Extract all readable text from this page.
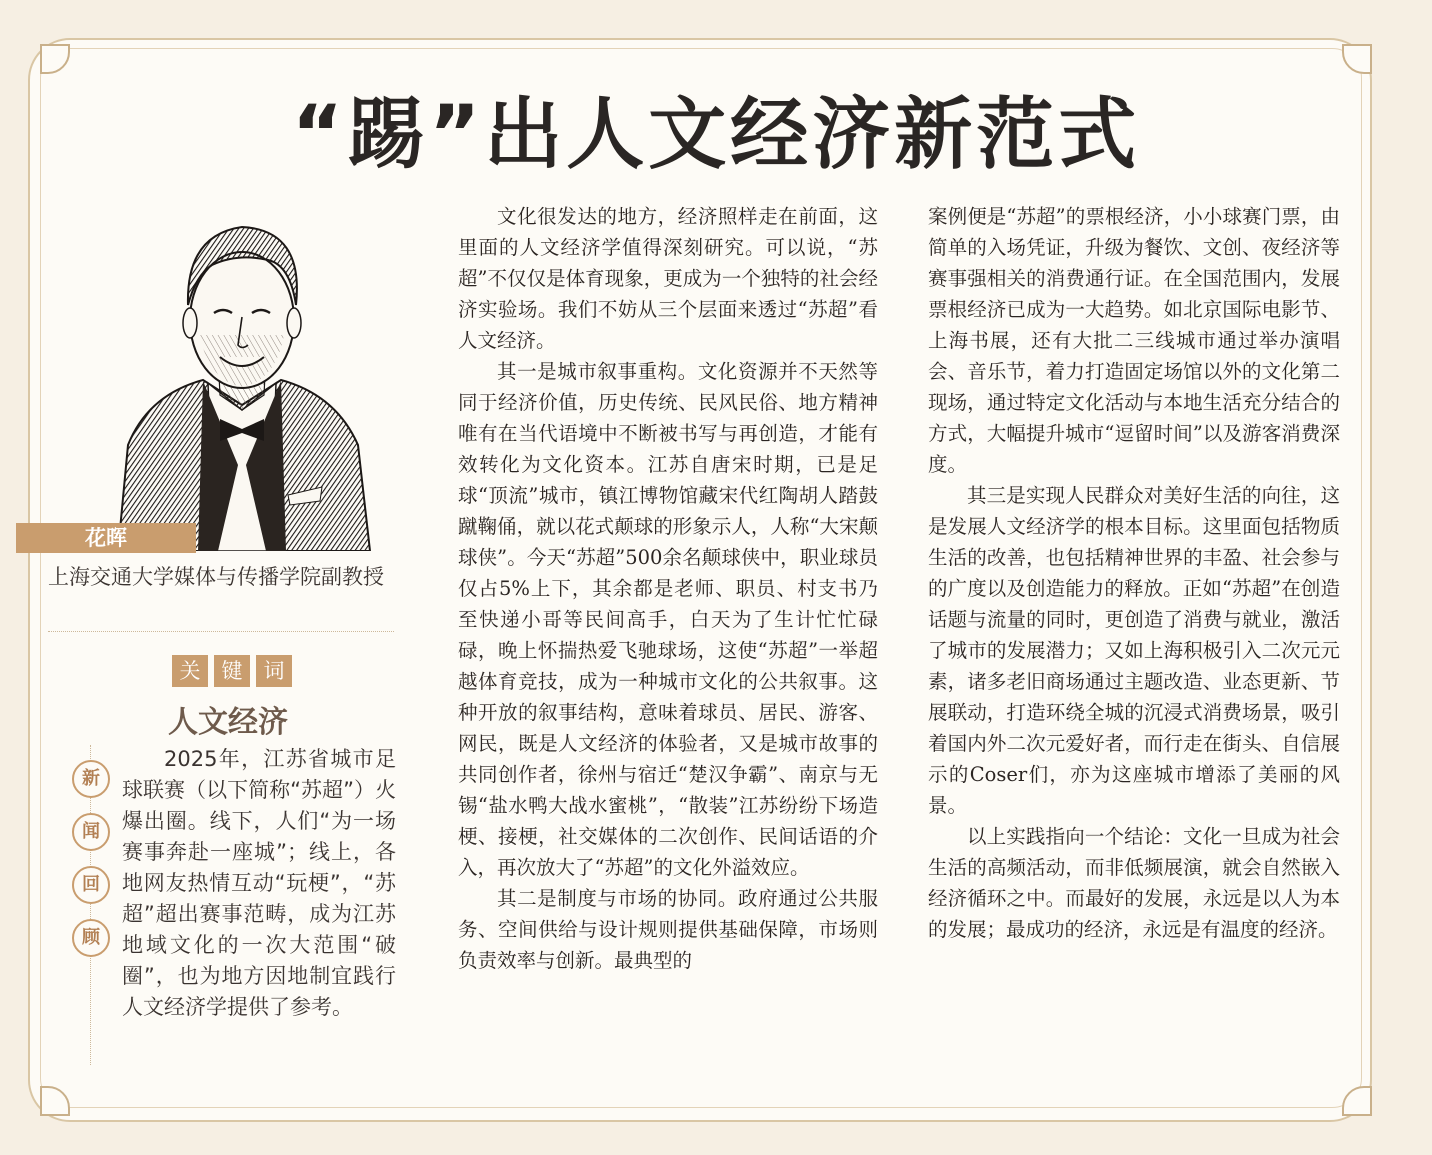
“踢”出人文经济新范式
花晖
上海交通大学媒体与传播学院副教授
关	键	词
人文经济
新
闻
回
顾

2025年，江苏省城市足球联赛（以下简称“苏超”）火爆出圈。线下，人们“为一场赛事奔赴一座城”；线上，各地网友热情互动“玩梗”，“苏超”超出赛事范畴，成为江苏地域文化的一次大范围“破圈”，也为地方因地制宜践行人文经济学提供了参考。

文化很发达的地方，经济照样走在前面，这里面的人文经济学值得深刻研究。可以说，“苏超”不仅仅是体育现象，更成为一个独特的社会经济实验场。我们不妨从三个层面来透过“苏超”看人文经济。

其一是城市叙事重构。文化资源并不天然等同于经济价值，历史传统、民风民俗、地方精神唯有在当代语境中不断被书写与再创造，才能有效转化为文化资本。江苏自唐宋时期，已是足球“顶流”城市，镇江博物馆藏宋代红陶胡人踏鼓蹴鞠俑，就以花式颠球的形象示人，人称“大宋颠球侠”。今天“苏超”500余名颠球侠中，职业球员仅占5%上下，其余都是老师、职员、村支书乃至快递小哥等民间高手，白天为了生计忙忙碌碌，晚上怀揣热爱飞驰球场，这使“苏超”一举超越体育竞技，成为一种城市文化的公共叙事。这种开放的叙事结构，意味着球员、居民、游客、网民，既是人文经济的体验者，又是城市故事的共同创作者，徐州与宿迁“楚汉争霸”、南京与无锡“盐水鸭大战水蜜桃”，“散装”江苏纷纷下场造梗、接梗，社交媒体的二次创作、民间话语的介入，再次放大了“苏超”的文化外溢效应。

其二是制度与市场的协同。政府通过公共服务、空间供给与设计规则提供基础保障，市场则负责效率与创新。最典型的

案例便是“苏超”的票根经济，小小球赛门票，由简单的入场凭证，升级为餐饮、文创、夜经济等赛事强相关的消费通行证。在全国范围内，发展票根经济已成为一大趋势。如北京国际电影节、上海书展，还有大批二三线城市通过举办演唱会、音乐节，着力打造固定场馆以外的文化第二现场，通过特定文化活动与本地生活充分结合的方式，大幅提升城市“逗留时间”以及游客消费深度。

其三是实现人民群众对美好生活的向往，这是发展人文经济学的根本目标。这里面包括物质生活的改善，也包括精神世界的丰盈、社会参与的广度以及创造能力的释放。正如“苏超”在创造话题与流量的同时，更创造了消费与就业，激活了城市的发展潜力；又如上海积极引入二次元元素，诸多老旧商场通过主题改造、业态更新、节展联动，打造环绕全城的沉浸式消费场景，吸引着国内外二次元爱好者，而行走在街头、自信展示的Coser们，亦为这座城市增添了美丽的风景。

以上实践指向一个结论：文化一旦成为社会生活的高频活动，而非低频展演，就会自然嵌入经济循环之中。而最好的发展，永远是以人为本的发展；最成功的经济，永远是有温度的经济。
